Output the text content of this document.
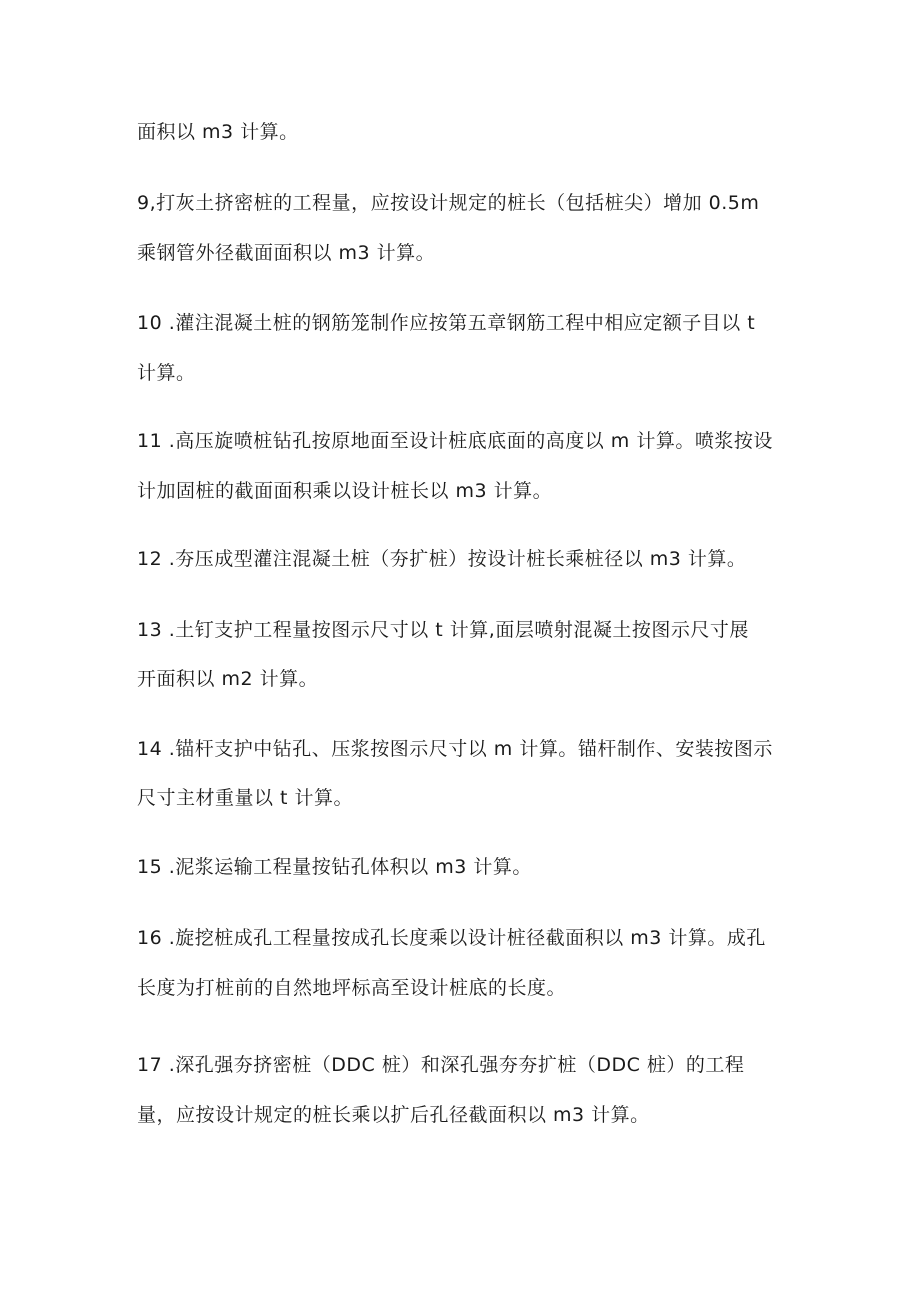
面积以 m3 计算。
9,打灰土挤密桩的工程量，应按设计规定的桩长（包括桩尖）增加 0.5m
乘钢管外径截面面积以 m3 计算。
10 .灌注混凝土桩的钢筋笼制作应按第五章钢筋工程中相应定额子目以 t
计算。
11 .高压旋喷桩钻孔按原地面至设计桩底底面的高度以 m 计算。喷浆按设
计加固桩的截面面积乘以设计桩长以 m3 计算。
12 .夯压成型灌注混凝土桩（夯扩桩）按设计桩长乘桩径以 m3 计算。
13 .土钉支护工程量按图示尺寸以 t 计算,面层喷射混凝土按图示尺寸展
开面积以 m2 计算。
14 .锚杆支护中钻孔、压浆按图示尺寸以 m 计算。锚杆制作、安装按图示
尺寸主材重量以 t 计算。
15 .泥浆运输工程量按钻孔体积以 m3 计算。
16 .旋挖桩成孔工程量按成孔长度乘以设计桩径截面积以 m3 计算。成孔
长度为打桩前的自然地坪标高至设计桩底的长度。
17 .深孔强夯挤密桩（DDC 桩）和深孔强夯夯扩桩（DDC 桩）的工程
量，应按设计规定的桩长乘以扩后孔径截面积以 m3 计算。
